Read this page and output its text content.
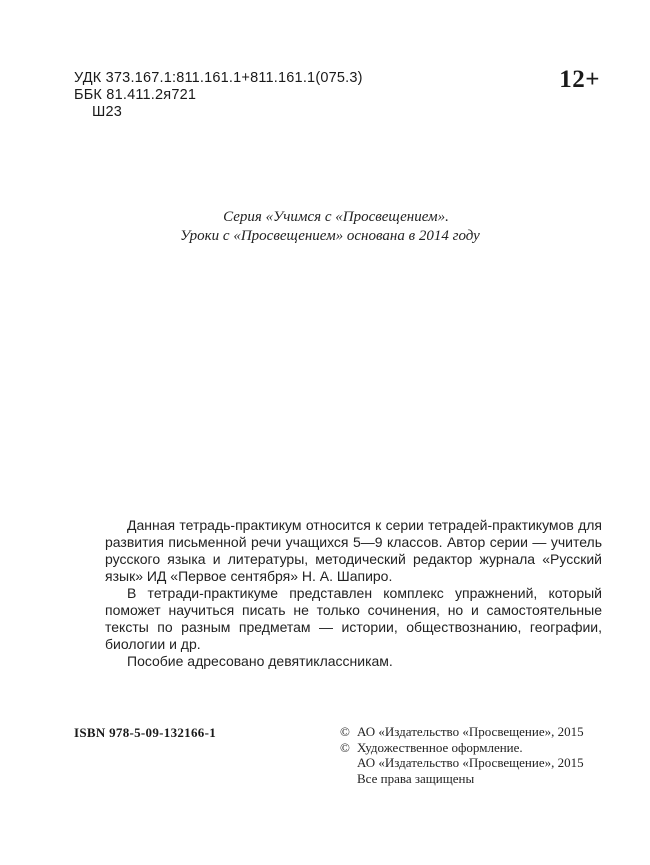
УДК 373.167.1:811.161.1+811.161.1(075.3)
ББК 81.411.2я721
Ш23
12+
Серия «Учимся с «Просвещением».
Уроки с «Просвещением» основана в 2014 году

Данная тетрадь-практикум относится к серии тетрадей-практикумов для развития письменной речи учащихся 5—9 классов. Автор серии — учитель русского языка и литературы, методический редактор журнала «Русский язык» ИД «Первое сентября» Н. А. Шапиро.

В тетради-практикуме представлен комплекс упражнений, который поможет научиться писать не только сочинения, но и самостоятельные тексты по разным предметам — истории, обществознанию, географии, биологии и др.

Пособие адресовано девятиклассникам.

ISBN 978-5-09-132166-1	© АО «Издательство «Просвещение», 2015
© Художественное оформление.
АО «Издательство «Просвещение», 2015
Все права защищены
